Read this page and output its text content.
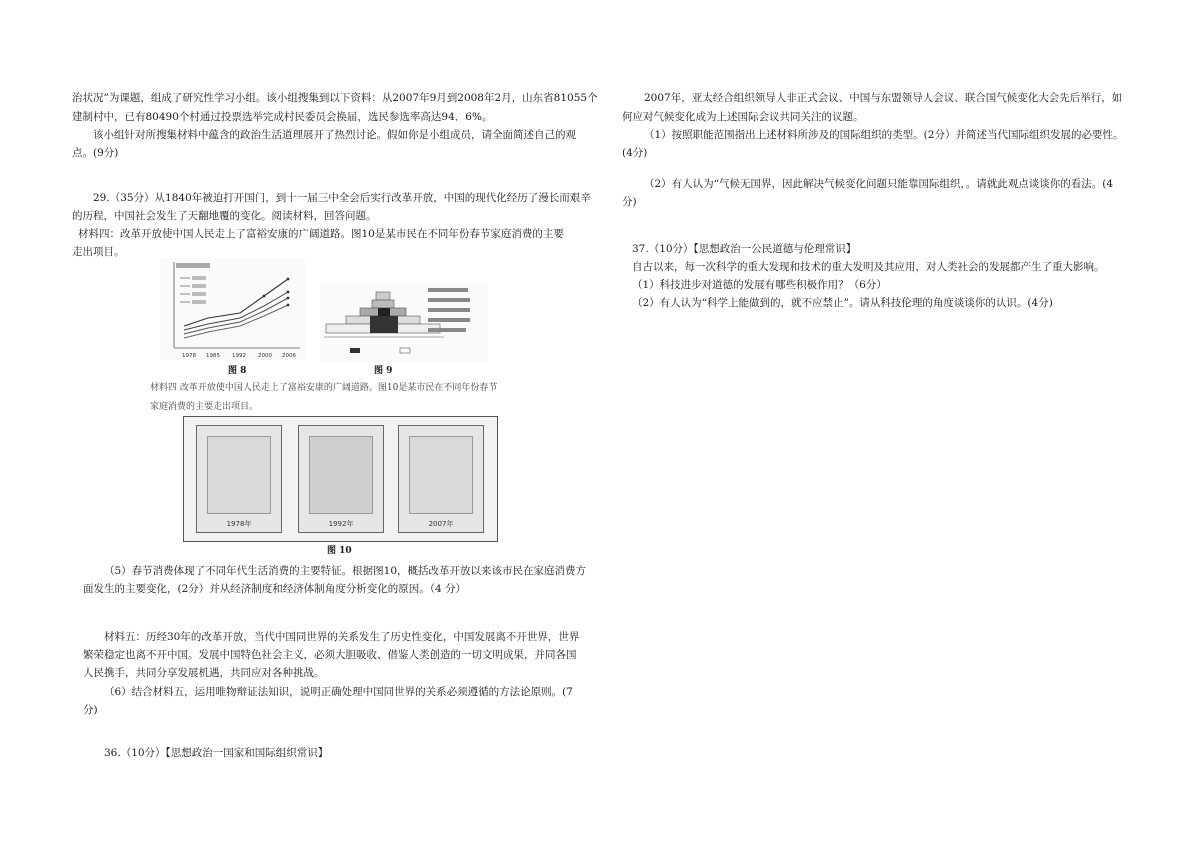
治状况”为课题，组成了研究性学习小组。该小组搜集到以下资料：从2007年9月到2008年2月，山东省81055个

建制村中，已有80490个村通过投票选举完成村民委员会换届，选民参选率高达94．6%。

该小组针对所搜集材料中蕴含的政治生活道理展开了热烈讨论。假如你是小组成员，请全面简述自己的观

点。(9分)

29.（35分）从1840年被迫打开国门，到十一届三中全会后实行改革开放，中国的现代化经历了漫长而艰辛

的历程，中国社会发生了天翻地覆的变化。阅读材料，回答问题。

材料四：改革开放使中国人民走上了富裕安康的广阔道路。图10是某市民在不同年份春节家庭消费的主要

走出项目。

1978 1985 1992 2000 2006

图 8	图 9

材料四 改革开放使中国人民走上了富裕安康的广阔道路。图10是某市民在不同年份春节

家庭消费的主要走出项目。

1978年	1992年	2007年

图 10

（5）春节消费体现了不同年代生活消费的主要特征。根据图10，概括改革开放以来该市民在家庭消费方

面发生的主要变化，(2分）并从经济制度和经济体制角度分析变化的原因。（4 分）

材料五：历经30年的改革开放，当代中国同世界的关系发生了历史性变化，中国发展离不开世界，世界

繁荣稳定也离不开中国。发展中国特色社会主义，必须大胆吸收、借鉴人类创造的一切文明成果，并同各国

人民携手，共同分享发展机遇，共同应对各种挑战。

（6）结合材料五，运用唯物辩证法知识，说明正确处理中国同世界的关系必须遵循的方法论原则。(7

分)

36.（10分）【思想政治一国家和国际组织常识】

2007年，亚太经合组织领导人非正式会议、中国与东盟领导人会议、联合国气候变化大会先后举行，如

何应对气候变化成为上述国际会议共同关注的议题。

（1）按照职能范围指出上述材料所涉及的国际组织的类型。(2分）并简述当代国际组织发展的必要性。

(4分)

（2）有人认为“气候无国界，因此解决气候变化问题只能靠国际组织，。请就此观点谈谈你的看法。(4

分)

37.（10分）【思想政治一公民道德与伦理常识】

自古以来，每一次科学的重大发现和技术的重大发明及其应用，对人类社会的发展都产生了重大影响。

（1）科技进步对道德的发展有哪些积极作用？（6分）

（2）有人认为“科学上能做到的，就不应禁止”。请从科技伦理的角度谈谈你的认识。(4分)
